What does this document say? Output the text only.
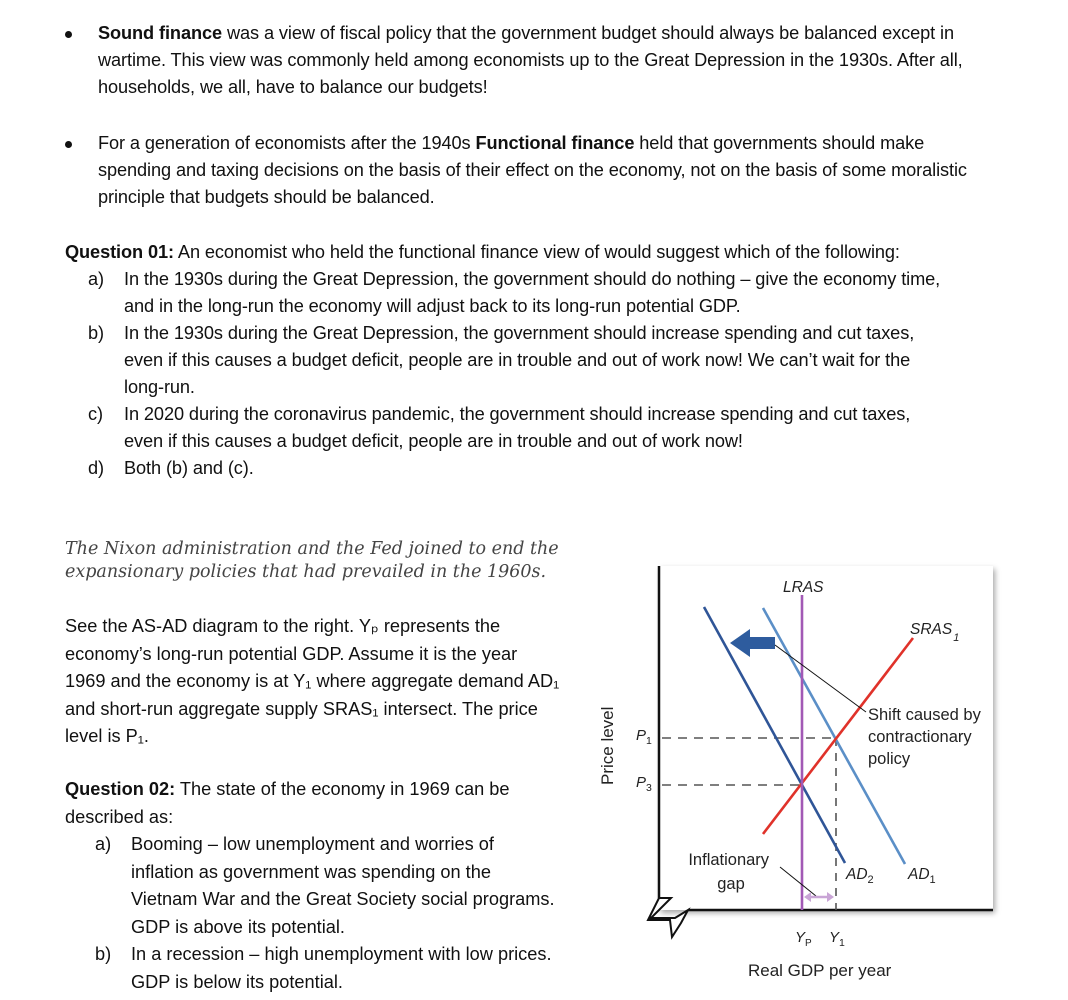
Sound finance was a view of fiscal policy that the government budget should always be balanced except in wartime. This view was commonly held among economists up to the Great Depression in the 1930s. After all, households, we all, have to balance our budgets!
For a generation of economists after the 1940s Functional finance held that governments should make spending and taxing decisions on the basis of their effect on the economy, not on the basis of some moralistic principle that budgets should be balanced.
Question 01: An economist who held the functional finance view of would suggest which of the following:
a) In the 1930s during the Great Depression, the government should do nothing – give the economy time, and in the long-run the economy will adjust back to its long-run potential GDP.
b) In the 1930s during the Great Depression, the government should increase spending and cut taxes, even if this causes a budget deficit, people are in trouble and out of work now! We can’t wait for the long-run.
c) In 2020 during the coronavirus pandemic, the government should increase spending and cut taxes, even if this causes a budget deficit, people are in trouble and out of work now!
d) Both (b) and (c).
The Nixon administration and the Fed joined to end the expansionary policies that had prevailed in the 1960s.
See the AS-AD diagram to the right. Yₚ represents the economy’s long-run potential GDP. Assume it is the year 1969 and the economy is at Y₁ where aggregate demand AD₁ and short-run aggregate supply SRAS₁ intersect. The price level is P₁.
Question 02: The state of the economy in 1969 can be described as:
a) Booming – low unemployment and worries of inflation as government was spending on the Vietnam War and the Great Society social programs. GDP is above its potential.
b) In a recession – high unemployment with low prices. GDP is below its potential.
LRAS
$SRAS_1$
$AD_2$ $AD_1$
$P_1$
$P_3$
$Y_P$ $Y_1$
Real GDP per year
Price level	Shift caused by contractionary policy
Inflationary gap
